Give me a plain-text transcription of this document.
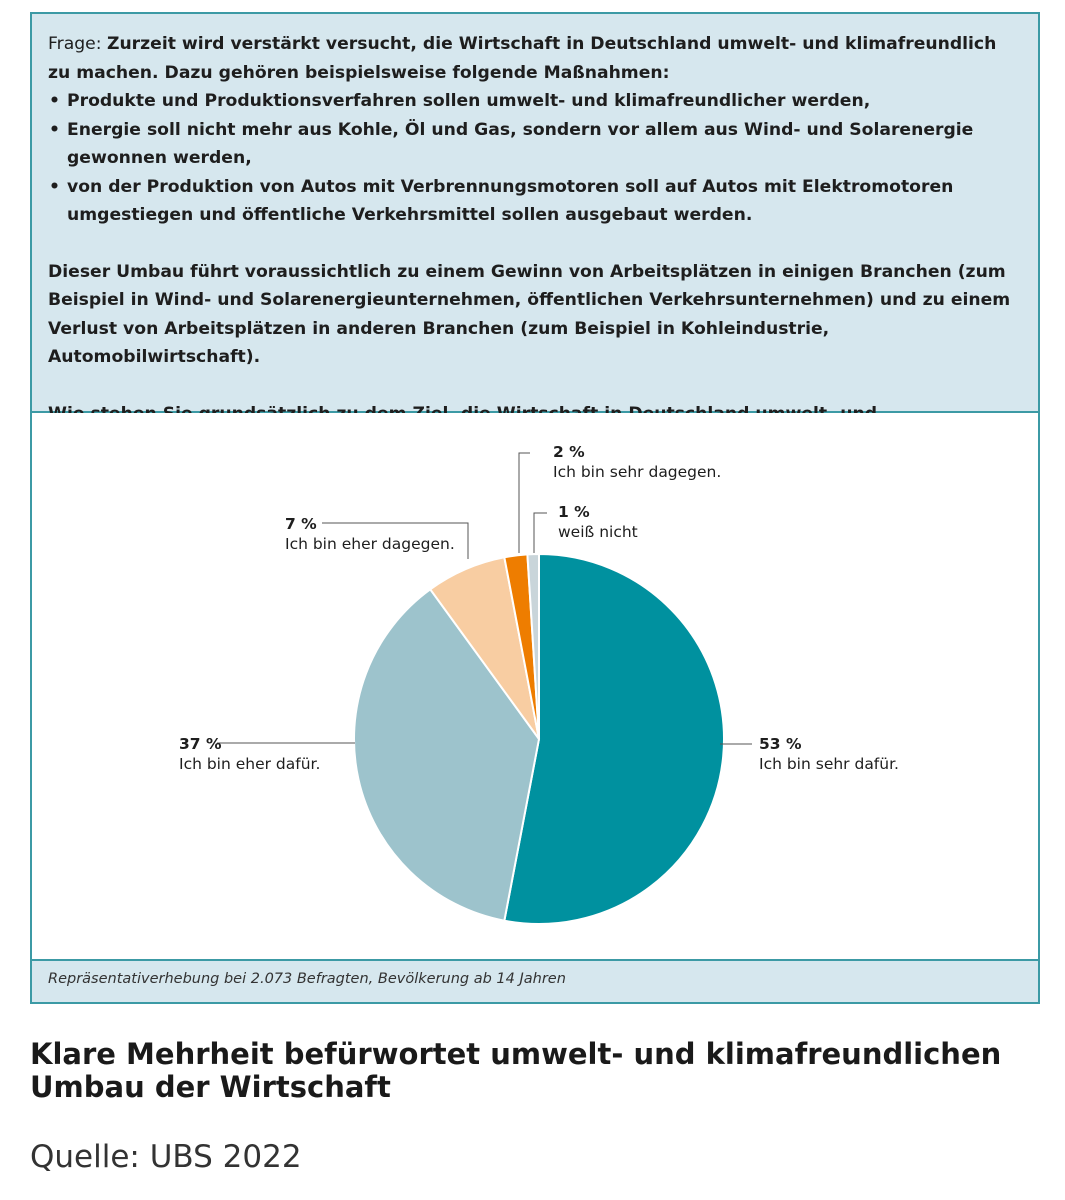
Frage: Zurzeit wird verstärkt versucht, die Wirtschaft in Deutschland umwelt- und klimafreundlich zu machen. Dazu gehören beispielsweise folgende Maßnahmen:

• Produkte und Produktionsverfahren sollen umwelt- und klimafreundlicher werden,
• Energie soll nicht mehr aus Kohle, Öl und Gas, sondern vor allem aus Wind- und Solarenergie gewonnen werden,
• von der Produktion von Autos mit Verbrennungsmotoren soll auf Autos mit Elektromotoren umgestiegen und öffentliche Verkehrsmittel sollen ausgebaut werden.

Dieser Umbau führt voraussichtlich zu einem Gewinn von Arbeitsplätzen in einigen Branchen (zum Beispiel in Wind- und Solarenergieunternehmen, öffentlichen Verkehrsunternehmen) und zu einem Verlust von Arbeitsplätzen in anderen Branchen (zum Beispiel in Kohleindustrie, Automobilwirtschaft).

53 %
Ich bin sehr dafür.
37 %
Ich bin eher dafür.
7 %
Ich bin eher dagegen.
2 %
Ich bin sehr dagegen.
1 %
weiß nicht
Repräsentativerhebung bei 2.073 Befragten, Bevölkerung ab 14 Jahren
Klare Mehrheit befürwortet umwelt- und klimafreundlichen Umbau der Wirtschaft
Quelle: UBS 2022
